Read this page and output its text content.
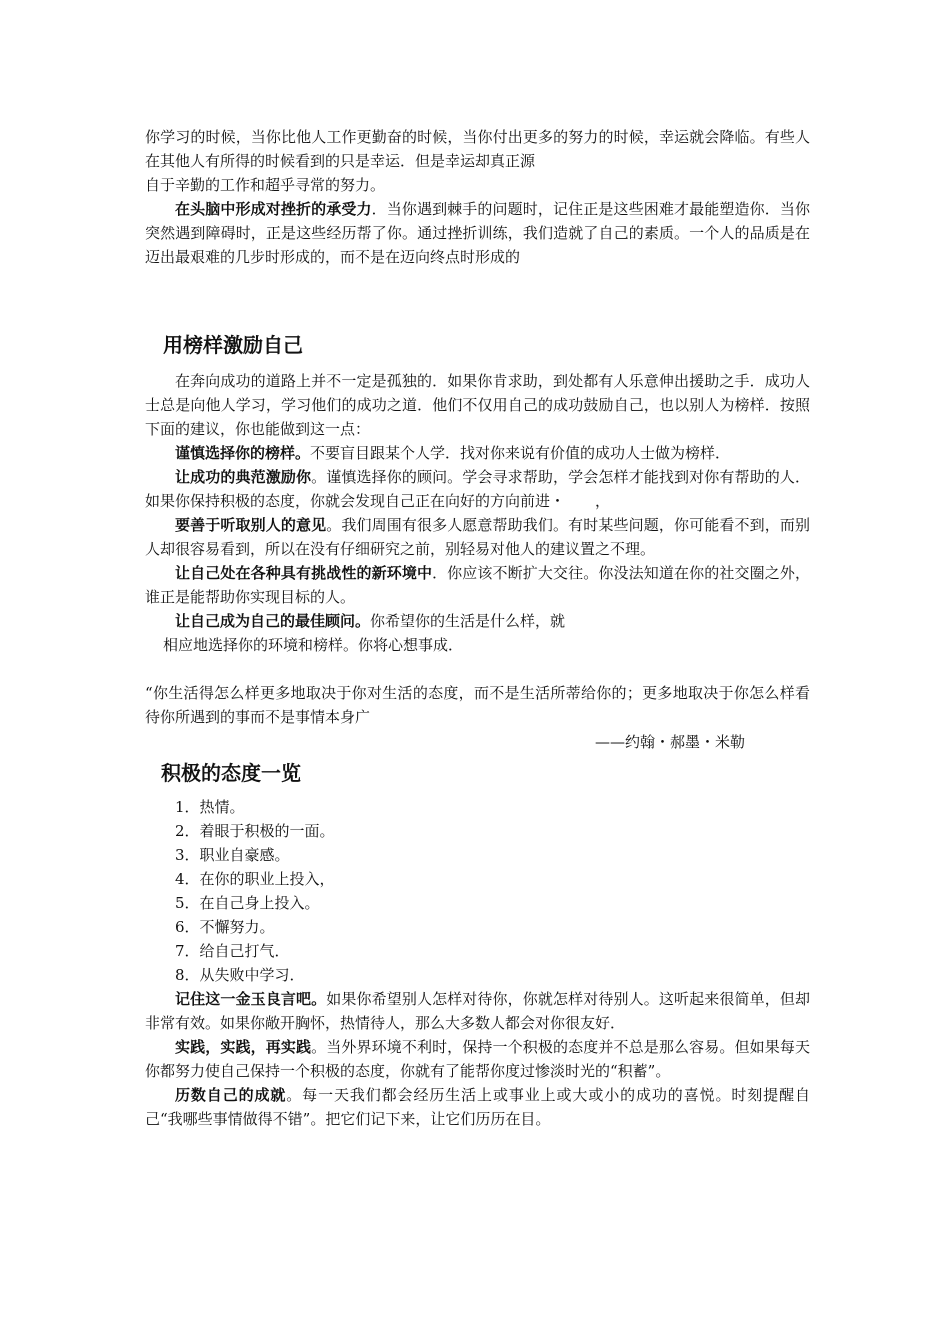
你学习的时候，当你比他人工作更勤奋的时候，当你付出更多的努力的时候，幸运就会降临。有些人在其他人有所得的时候看到的只是幸运．但是幸运却真正源

自于辛勤的工作和超乎寻常的努力。

在头脑中形成对挫折的承受力．当你遇到棘手的问题时，记住正是这些困难才最能塑造你．当你突然遇到障碍时，正是这些经历帮了你。通过挫折训练，我们造就了自己的素质。一个人的品质是在迈出最艰难的几步时形成的，而不是在迈向终点时形成的

用榜样激励自己

在奔向成功的道路上并不一定是孤独的．如果你肯求助，到处都有人乐意伸出援助之手．成功人士总是向他人学习，学习他们的成功之道．他们不仅用自己的成功鼓励自己，也以别人为榜样．按照下面的建议，你也能做到这一点：

谨慎选择你的榜样。不要盲目跟某个人学．找对你来说有价值的成功人士做为榜样．

让成功的典范激励你。谨慎选择你的顾问。学会寻求帮助，学会怎样才能找到对你有帮助的人．如果你保持积极的态度，你就会发现自己正在向好的方向前进・　　，

要善于听取别人的意见。我们周围有很多人愿意帮助我们。有时某些问题，你可能看不到，而别人却很容易看到，所以在没有仔细研究之前，别轻易对他人的建议置之不理。

让自己处在各种具有挑战性的新环境中．你应该不断扩大交往。你没法知道在你的社交圈之外，谁正是能帮助你实现目标的人。

让自己成为自己的最佳顾问。你希望你的生活是什么样，就

相应地选择你的环境和榜样。你将心想事成．

“你生活得怎么样更多地取决于你对生活的态度，而不是生活所蒂给你的；更多地取决于你怎么样看待你所遇到的事而不是事情本身广

——约翰・郝墨・米勒

积极的态度一览
1．热情。
2．着眼于积极的一面。
3．职业自豪感。
4．在你的职业上投入，
5．在自己身上投入。
6．不懈努力。
7．给自己打气．
8．从失败中学习．

记住这一金玉良言吧。如果你希望别人怎样对待你，你就怎样对待别人。这听起来很简单，但却非常有效。如果你敞开胸怀，热情待人，那么大多数人都会对你很友好．

实践，实践，再实践。当外界环境不利时，保持一个积极的态度并不总是那么容易。但如果每天你都努力使自己保持一个积极的态度，你就有了能帮你度过惨淡时光的“积蓄”。

历数自己的成就。每一天我们都会经历生活上或事业上或大或小的成功的喜悦。时刻提醒自己“我哪些事情做得不错”。把它们记下来，让它们历历在目。
